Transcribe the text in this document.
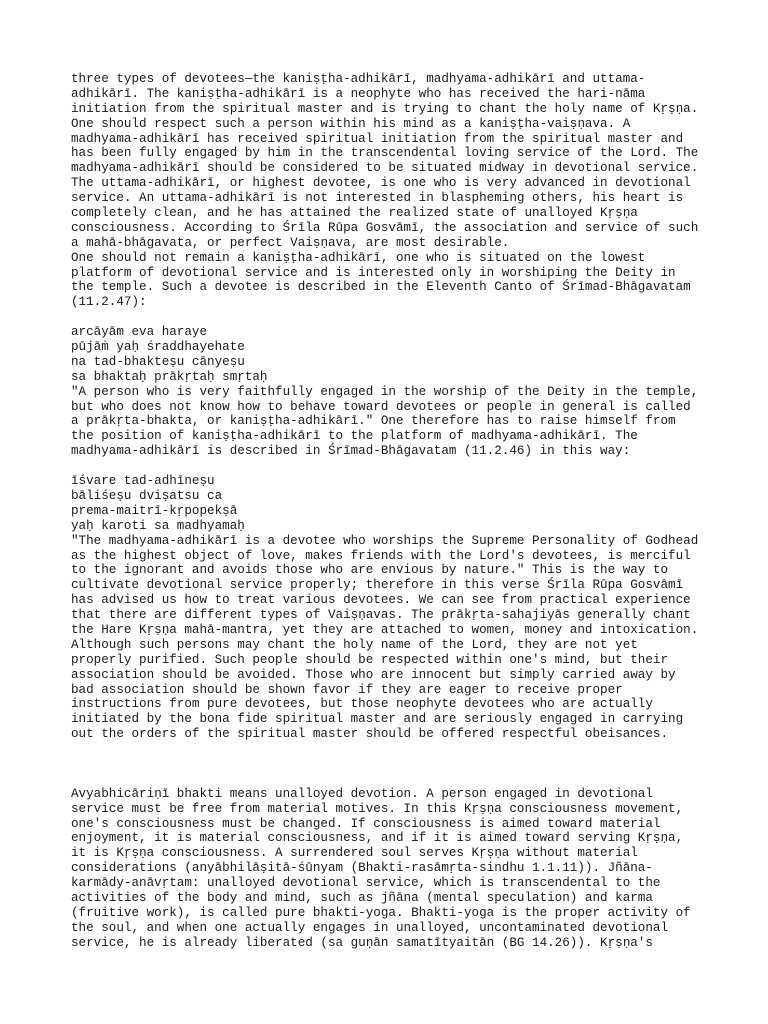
three types of devotees—the kaniṣṭha-adhikārī, madhyama-adhikārī and uttama-
adhikārī. The kaniṣṭha-adhikārī is a neophyte who has received the hari-nāma
initiation from the spiritual master and is trying to chant the holy name of Kṛṣṇa.
One should respect such a person within his mind as a kaniṣṭha-vaiṣṇava. A
madhyama-adhikārī has received spiritual initiation from the spiritual master and
has been fully engaged by him in the transcendental loving service of the Lord. The
madhyama-adhikārī should be considered to be situated midway in devotional service.
The uttama-adhikārī, or highest devotee, is one who is very advanced in devotional
service. An uttama-adhikārī is not interested in blaspheming others, his heart is
completely clean, and he has attained the realized state of unalloyed Kṛṣṇa
consciousness. According to Śrīla Rūpa Gosvāmī, the association and service of such
a mahā-bhāgavata, or perfect Vaiṣṇava, are most desirable.
One should not remain a kaniṣṭha-adhikārī, one who is situated on the lowest
platform of devotional service and is interested only in worshiping the Deity in
the temple. Such a devotee is described in the Eleventh Canto of Śrīmad-Bhāgavatam
(11.2.47):
arcāyām eva haraye
pūjāṁ yaḥ śraddhayehate
na tad-bhakteṣu cānyeṣu
sa bhaktaḥ prākṛtaḥ smṛtaḥ
"A person who is very faithfully engaged in the worship of the Deity in the temple,
but who does not know how to behave toward devotees or people in general is called
a prākṛta-bhakta, or kaniṣṭha-adhikārī." One therefore has to raise himself from
the position of kaniṣṭha-adhikārī to the platform of madhyama-adhikārī. The
madhyama-adhikārī is described in Śrīmad-Bhāgavatam (11.2.46) in this way:
īśvare tad-adhīneṣu
bāliśeṣu dviṣatsu ca
prema-maitrī-kṛpopekṣā
yaḥ karoti sa madhyamaḥ
"The madhyama-adhikārī is a devotee who worships the Supreme Personality of Godhead
as the highest object of love, makes friends with the Lord's devotees, is merciful
to the ignorant and avoids those who are envious by nature." This is the way to
cultivate devotional service properly; therefore in this verse Śrīla Rūpa Gosvāmī
has advised us how to treat various devotees. We can see from practical experience
that there are different types of Vaiṣṇavas. The prākṛta-sahajiyās generally chant
the Hare Kṛṣṇa mahā-mantra, yet they are attached to women, money and intoxication.
Although such persons may chant the holy name of the Lord, they are not yet
properly purified. Such people should be respected within one's mind, but their
association should be avoided. Those who are innocent but simply carried away by
bad association should be shown favor if they are eager to receive proper
instructions from pure devotees, but those neophyte devotees who are actually
initiated by the bona fide spiritual master and are seriously engaged in carrying
out the orders of the spiritual master should be offered respectful obeisances.
Avyabhicāriṇī bhakti means unalloyed devotion. A person engaged in devotional
service must be free from material motives. In this Kṛṣṇa consciousness movement,
one's consciousness must be changed. If consciousness is aimed toward material
enjoyment, it is material consciousness, and if it is aimed toward serving Kṛṣṇa,
it is Kṛṣṇa consciousness. A surrendered soul serves Kṛṣṇa without material
considerations (anyābhilāṣitā-śūnyam (Bhakti-rasāmṛta-sindhu 1.1.11)). Jñāna-
karmādy-anāvṛtam: unalloyed devotional service, which is transcendental to the
activities of the body and mind, such as jñāna (mental speculation) and karma
(fruitive work), is called pure bhakti-yoga. Bhakti-yoga is the proper activity of
the soul, and when one actually engages in unalloyed, uncontaminated devotional
service, he is already liberated (sa guṇān samatītyaitān (BG 14.26)). Kṛṣṇa's
